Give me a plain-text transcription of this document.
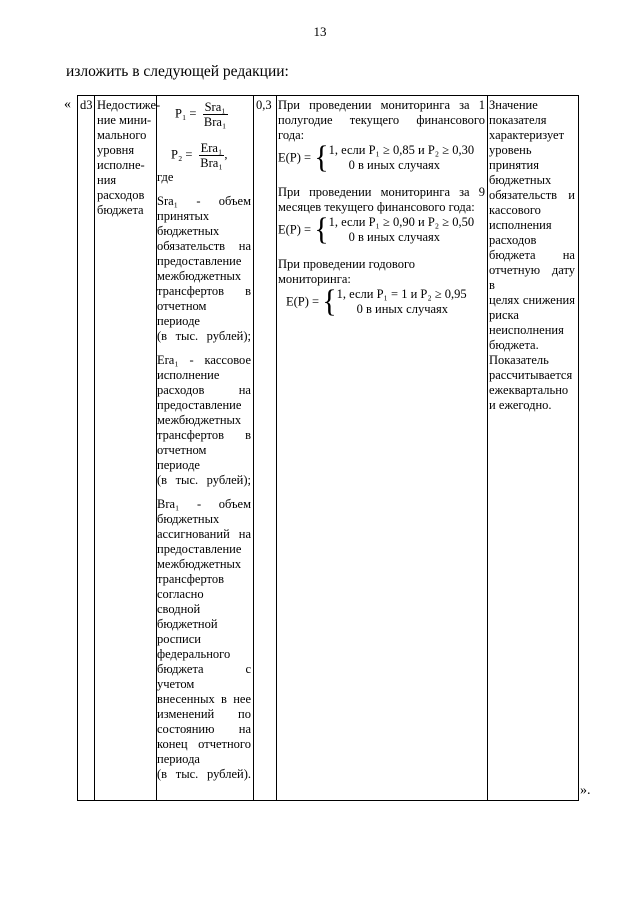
13
изложить в следующей редакции:
«
».
d3 Недостиже-
ние мини-
мального
уровня
исполне-
ния
расходов
бюджета
$P_1 = \frac{\text{Sra₁}}{\text{Bra₁}}$
$P_2 = \frac{\text{Era₁}}{\text{Bra₁}}$ ,
где
Sra₁ - объем
принятых
бюджетных
обязательств на
предоставление
межбюджетных
трансфертов в
отчетном
периоде
(в тыс. рублей);
Era₁ - кассовое
исполнение
расходов на
предоставление
межбюджетных
трансфертов в
отчетном
периоде
(в тыс. рублей);
Bra₁ - объем
бюджетных
ассигнований на
предоставление
межбюджетных
трансфертов
согласно
сводной
бюджетной
росписи
федерального
бюджета с
учетом
внесенных в нее
изменений по
состоянию на
конец отчетного
периода
(в тыс. рублей).
0,3 При проведении мониторинга за 1
полугодие текущего финансового
года:
E(P) = { 1, если P₁ ≥ 0,85 и P₂ ≥ 0,30
0 в иных случаях
При проведении мониторинга за 9
месяцев текущего финансового года:
E(P) = { 1, если P₁ ≥ 0,90 и P₂ ≥ 0,50
0 в иных случаях
При проведении годового
мониторинга:
E(P) = { 1, если P₁ = 1 и P₂ ≥ 0,95
0 в иных случаях
Значение
показателя
характеризует
уровень
принятия
бюджетных
обязательств и
кассового
исполнения
расходов
бюджета на
отчетную дату в
целях снижения
риска
неисполнения
бюджета.
Показатель
рассчитывается
ежеквартально
и ежегодно.
